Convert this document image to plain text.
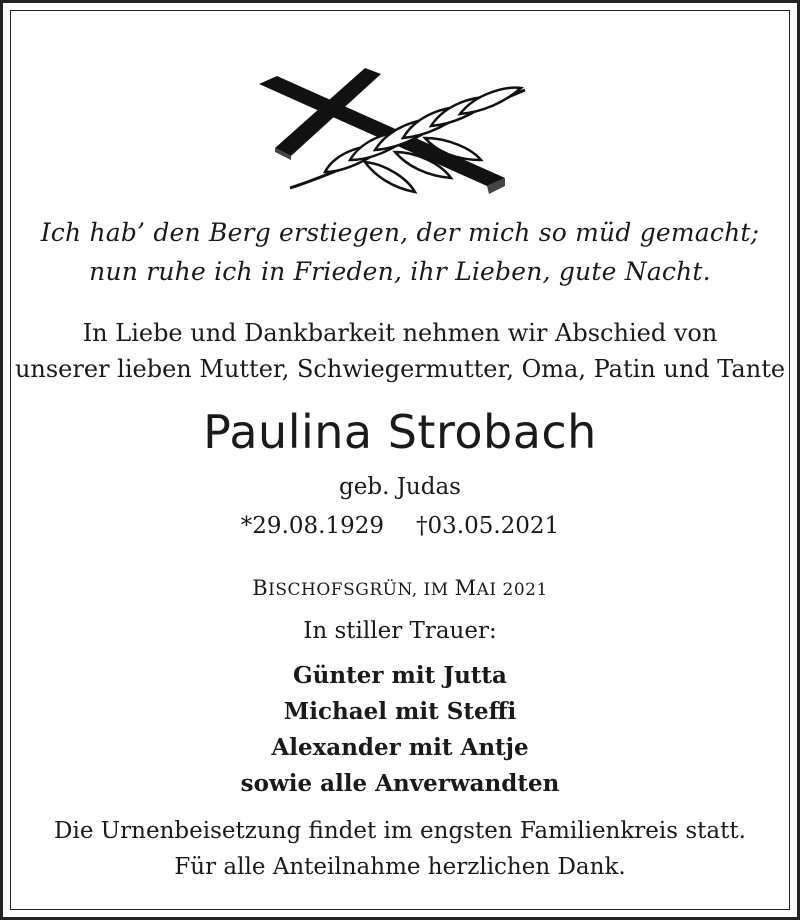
Ich hab’ den Berg erstiegen, der mich so müd gemacht;
nun ruhe ich in Frieden, ihr Lieben, gute Nacht.
In Liebe und Dankbarkeit nehmen wir Abschied von
unserer lieben Mutter, Schwiegermutter, Oma, Patin und Tante
Paulina Strobach
geb. Judas
*29.08.1929 †03.05.2021
BISCHOFSGRÜN, IM MAI 2021
In stiller Trauer:
Günter mit Jutta
Michael mit Steffi
Alexander mit Antje
sowie alle Anverwandten
Die Urnenbeisetzung findet im engsten Familienkreis statt.
Für alle Anteilnahme herzlichen Dank.
